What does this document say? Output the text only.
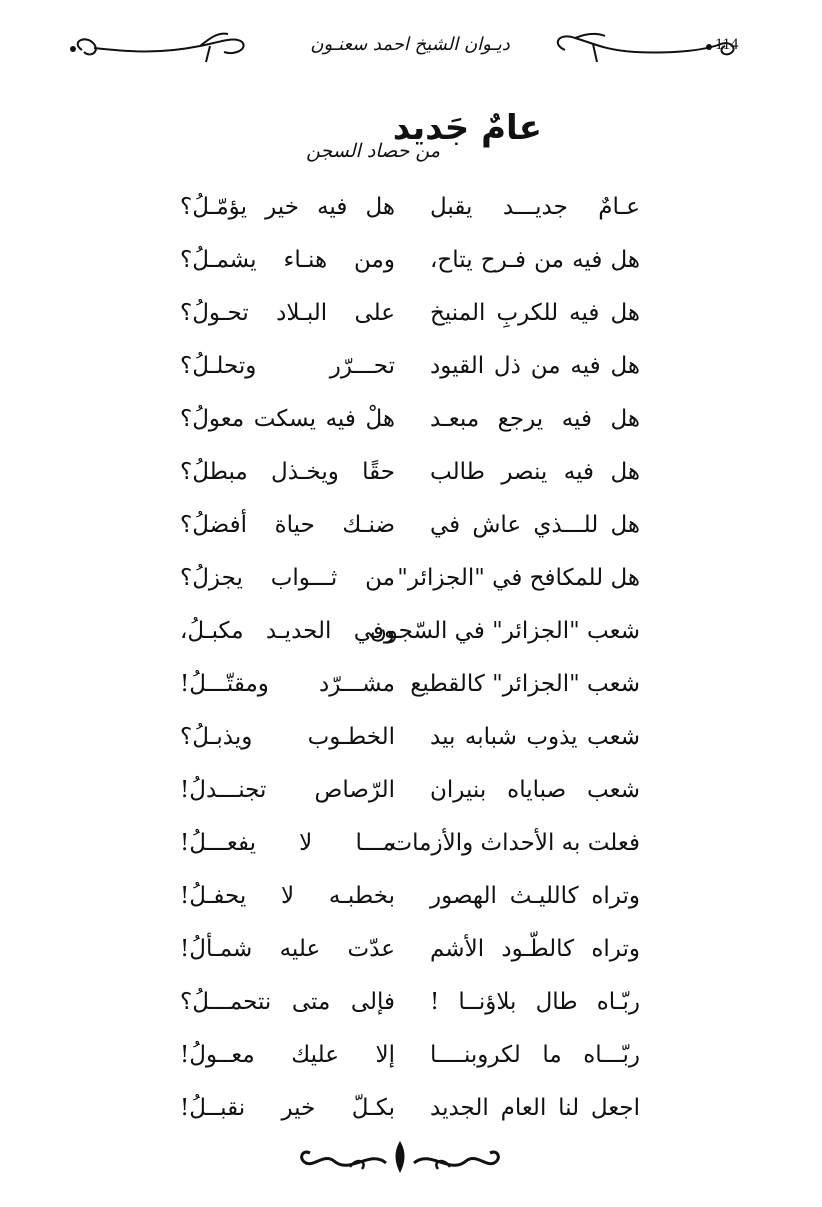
ديـوان الشيخ احمد سعنـون	114
عامٌ جَديد
من حصاد السجن
عـامٌ جديـــد يقبل
هل فيه خير يؤمّـلُ؟
هل فيه من فـرح يتاح،
ومن هنـاء يشمـلُ؟
هل فيه للكربِ المنيخ
على البـلاد تحـولُ؟
هل فيه من ذل القيود
تحـــرّر وتحلـلُ؟
هل فيه يرجع مبعـد
هلْ فيه يسكت معولُ؟
هل فيه ينصر طالب
حقًا ويخـذل مبطلُ؟
هل للـــذي عاش في
ضنـك حياة أفضلُ؟
هل للمكافح في "الجزائر"
من ثـــواب يجزلُ؟
شعب "الجزائر" في السّجون
وفي الحديـد مكبـلُ،
شعب "الجزائر" كالقطيع
مشـــرّد ومقتّـــلُ!
شعب يذوب شبابه بيد
الخطـوب ويذبـلُ؟
شعب صباياه بنيران
الرّصاص تجنـــدلُ!
فعلت به الأحداث والأزمات
مـــا لا يفعـــلُ!
وتراه كالليـث الهصور
بخطبـه لا يحفـلُ!
وتراه كالطّـود الأشم
عدّت عليه شمـألُ!
ربّـاه طال بلاؤنــا !
فإلى متى نتحمـــلُ؟
ربّـــاه ما لكروبنــــا
إلا عليك معــولُ!
اجعل لنا العام الجديد
بكـلّ خير نقبــلُ!
